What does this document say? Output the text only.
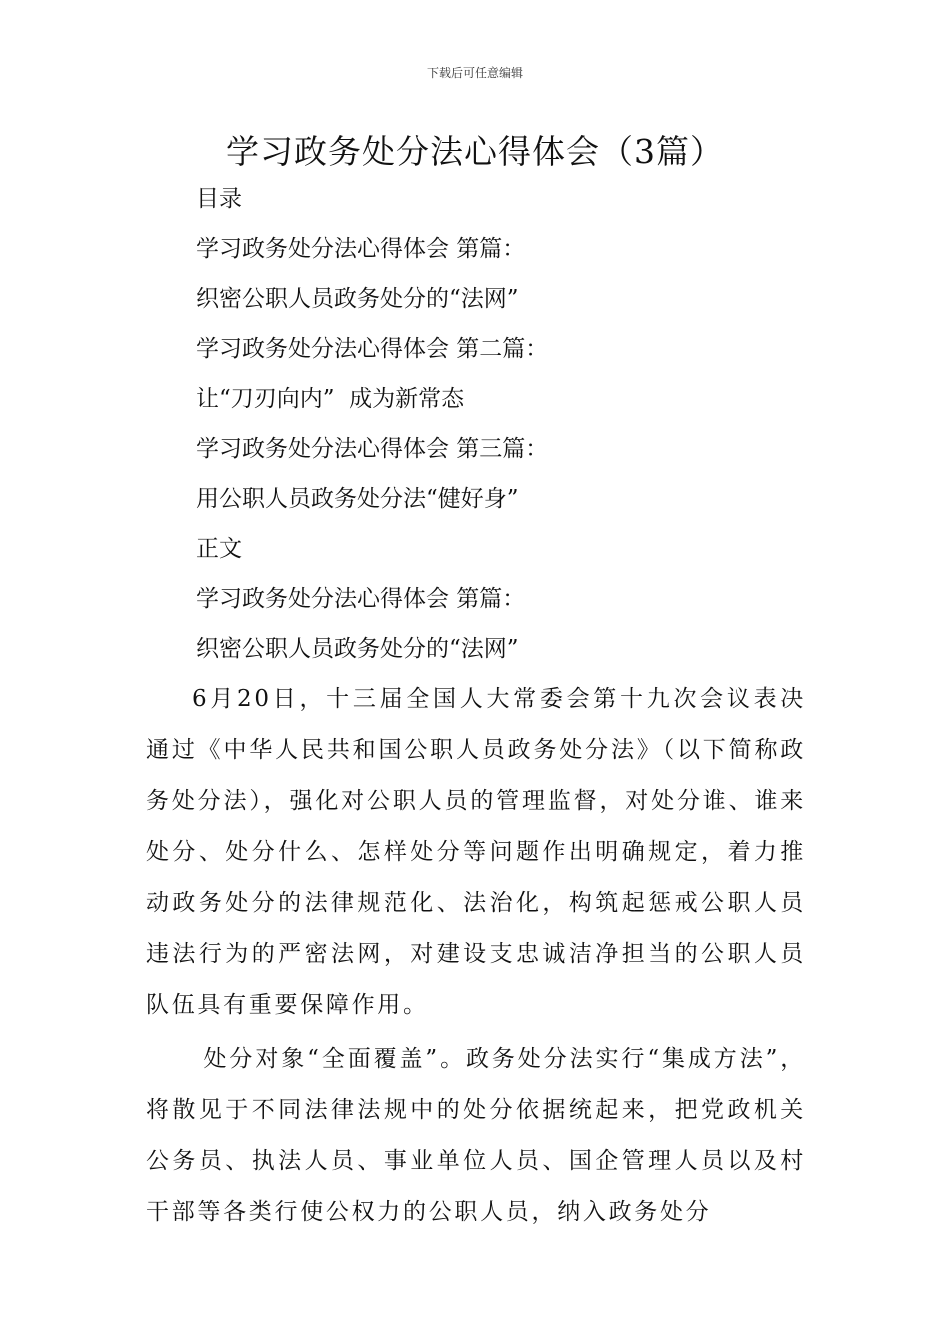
下载后可任意编辑
学习政务处分法心得体会（3篇）
目录
学习政务处分法心得体会 第篇：
织密公职人员政务处分的“法网”
学习政务处分法心得体会 第二篇：
让“刀刃向内”  成为新常态
学习政务处分法心得体会 第三篇：
用公职人员政务处分法“健好身”
正文
学习政务处分法心得体会 第篇：
织密公职人员政务处分的“法网”

6月20日，十三届全国人大常委会第十九次会议表决通过《中华人民共和国公职人员政务处分法》（以下简称政务处分法），强化对公职人员的管理监督，对处分谁、谁来处分、处分什么、怎样处分等问题作出明确规定，着力推动政务处分的法律规范化、法治化，构筑起惩戒公职人员违法行为的严密法网，对建设支忠诚洁净担当的公职人员队伍具有重要保障作用。

处分对象“全面覆盖”。政务处分法实行“集成方法”，将散见于不同法律法规中的处分依据统起来，把党政机关公务员、执法人员、事业单位人员、国企管理人员以及村干部等各类行使公权力的公职人员，纳入政务处分
